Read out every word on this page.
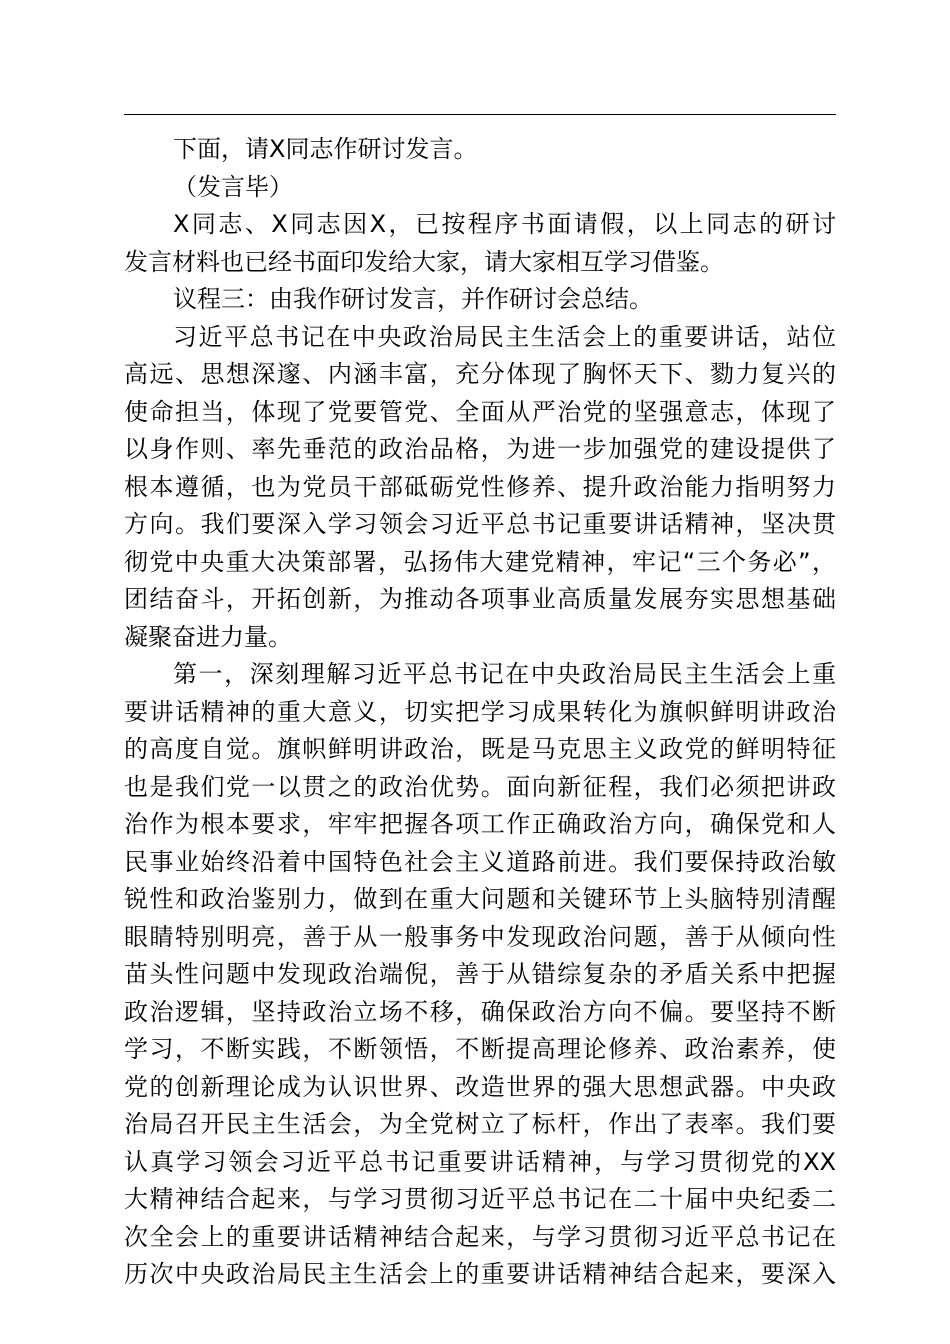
下面，请X同志作研讨发言。
（发言毕）
X同志、X同志因X，已按程序书面请假，以上同志的研讨
发言材料也已经书面印发给大家，请大家相互学习借鉴。
议程三：由我作研讨发言，并作研讨会总结。
习近平总书记在中央政治局民主生活会上的重要讲话，站位
高远、思想深邃、内涵丰富，充分体现了胸怀天下、勠力复兴的
使命担当，体现了党要管党、全面从严治党的坚强意志，体现了
以身作则、率先垂范的政治品格，为进一步加强党的建设提供了
根本遵循，也为党员干部砥砺党性修养、提升政治能力指明努力
方向。我们要深入学习领会习近平总书记重要讲话精神，坚决贯
彻党中央重大决策部署，弘扬伟大建党精神，牢记“三个务必”，
团结奋斗，开拓创新，为推动各项事业高质量发展夯实思想基础
凝聚奋进力量。
第一，深刻理解习近平总书记在中央政治局民主生活会上重
要讲话精神的重大意义，切实把学习成果转化为旗帜鲜明讲政治
的高度自觉。旗帜鲜明讲政治，既是马克思主义政党的鲜明特征
也是我们党一以贯之的政治优势。面向新征程，我们必须把讲政
治作为根本要求，牢牢把握各项工作正确政治方向，确保党和人
民事业始终沿着中国特色社会主义道路前进。我们要保持政治敏
锐性和政治鉴别力，做到在重大问题和关键环节上头脑特别清醒
眼睛特别明亮，善于从一般事务中发现政治问题，善于从倾向性
苗头性问题中发现政治端倪，善于从错综复杂的矛盾关系中把握
政治逻辑，坚持政治立场不移，确保政治方向不偏。要坚持不断
学习，不断实践，不断领悟，不断提高理论修养、政治素养，使
党的创新理论成为认识世界、改造世界的强大思想武器。中央政
治局召开民主生活会，为全党树立了标杆，作出了表率。我们要
认真学习领会习近平总书记重要讲话精神，与学习贯彻党的XX
大精神结合起来，与学习贯彻习近平总书记在二十届中央纪委二
次全会上的重要讲话精神结合起来，与学习贯彻习近平总书记在
历次中央政治局民主生活会上的重要讲话精神结合起来，要深入
